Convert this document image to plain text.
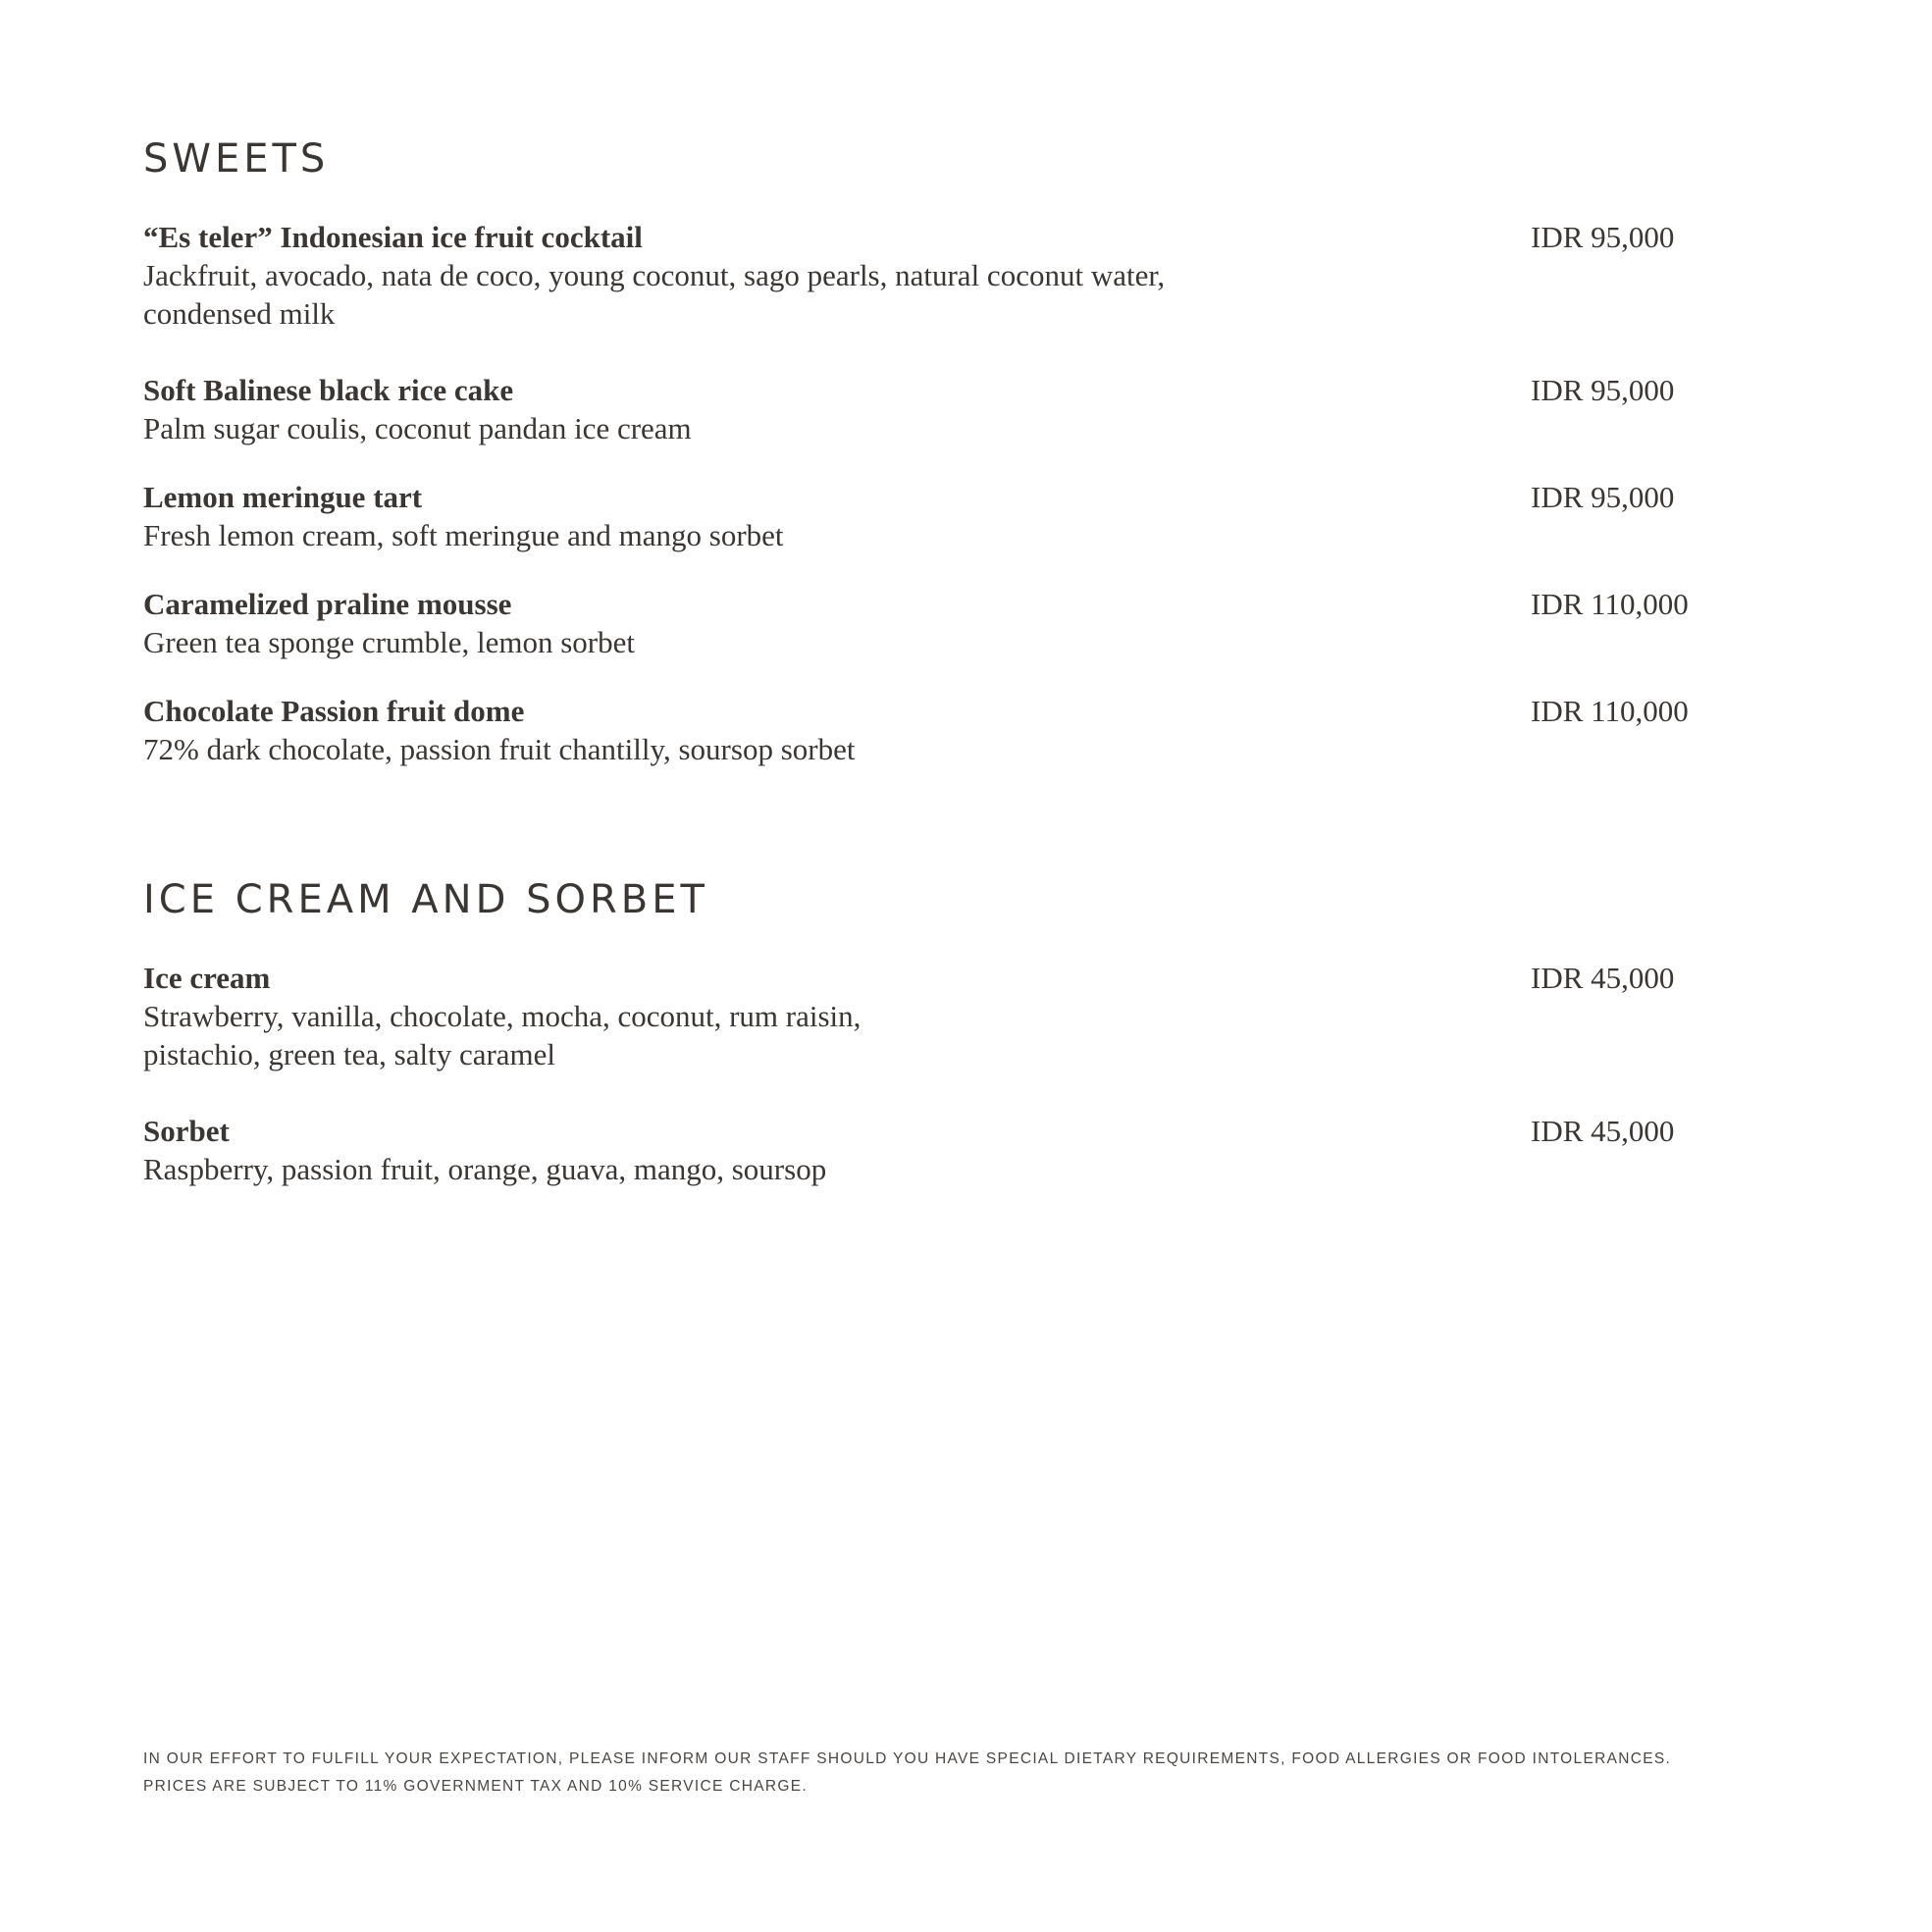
SWEETS
“Es teler” Indonesian ice fruit cocktail
Jackfruit, avocado, nata de coco, young coconut, sago pearls, natural coconut water,
condensed milk
IDR 95,000
Soft Balinese black rice cake
Palm sugar coulis, coconut pandan ice cream
IDR 95,000
Lemon meringue tart
Fresh lemon cream, soft meringue and mango sorbet
IDR 95,000
Caramelized praline mousse
Green tea sponge crumble, lemon sorbet
IDR 110,000
Chocolate Passion fruit dome
72% dark chocolate, passion fruit chantilly, soursop sorbet
IDR 110,000
ICE CREAM AND SORBET
Ice cream
Strawberry, vanilla, chocolate, mocha, coconut, rum raisin,
pistachio, green tea, salty caramel
IDR 45,000
Sorbet
Raspberry, passion fruit, orange, guava, mango, soursop
IDR 45,000
IN OUR EFFORT TO FULFILL YOUR EXPECTATION, PLEASE INFORM OUR STAFF SHOULD YOU HAVE SPECIAL DIETARY REQUIREMENTS, FOOD ALLERGIES OR FOOD INTOLERANCES.
PRICES ARE SUBJECT TO 11% GOVERNMENT TAX AND 10% SERVICE CHARGE.
